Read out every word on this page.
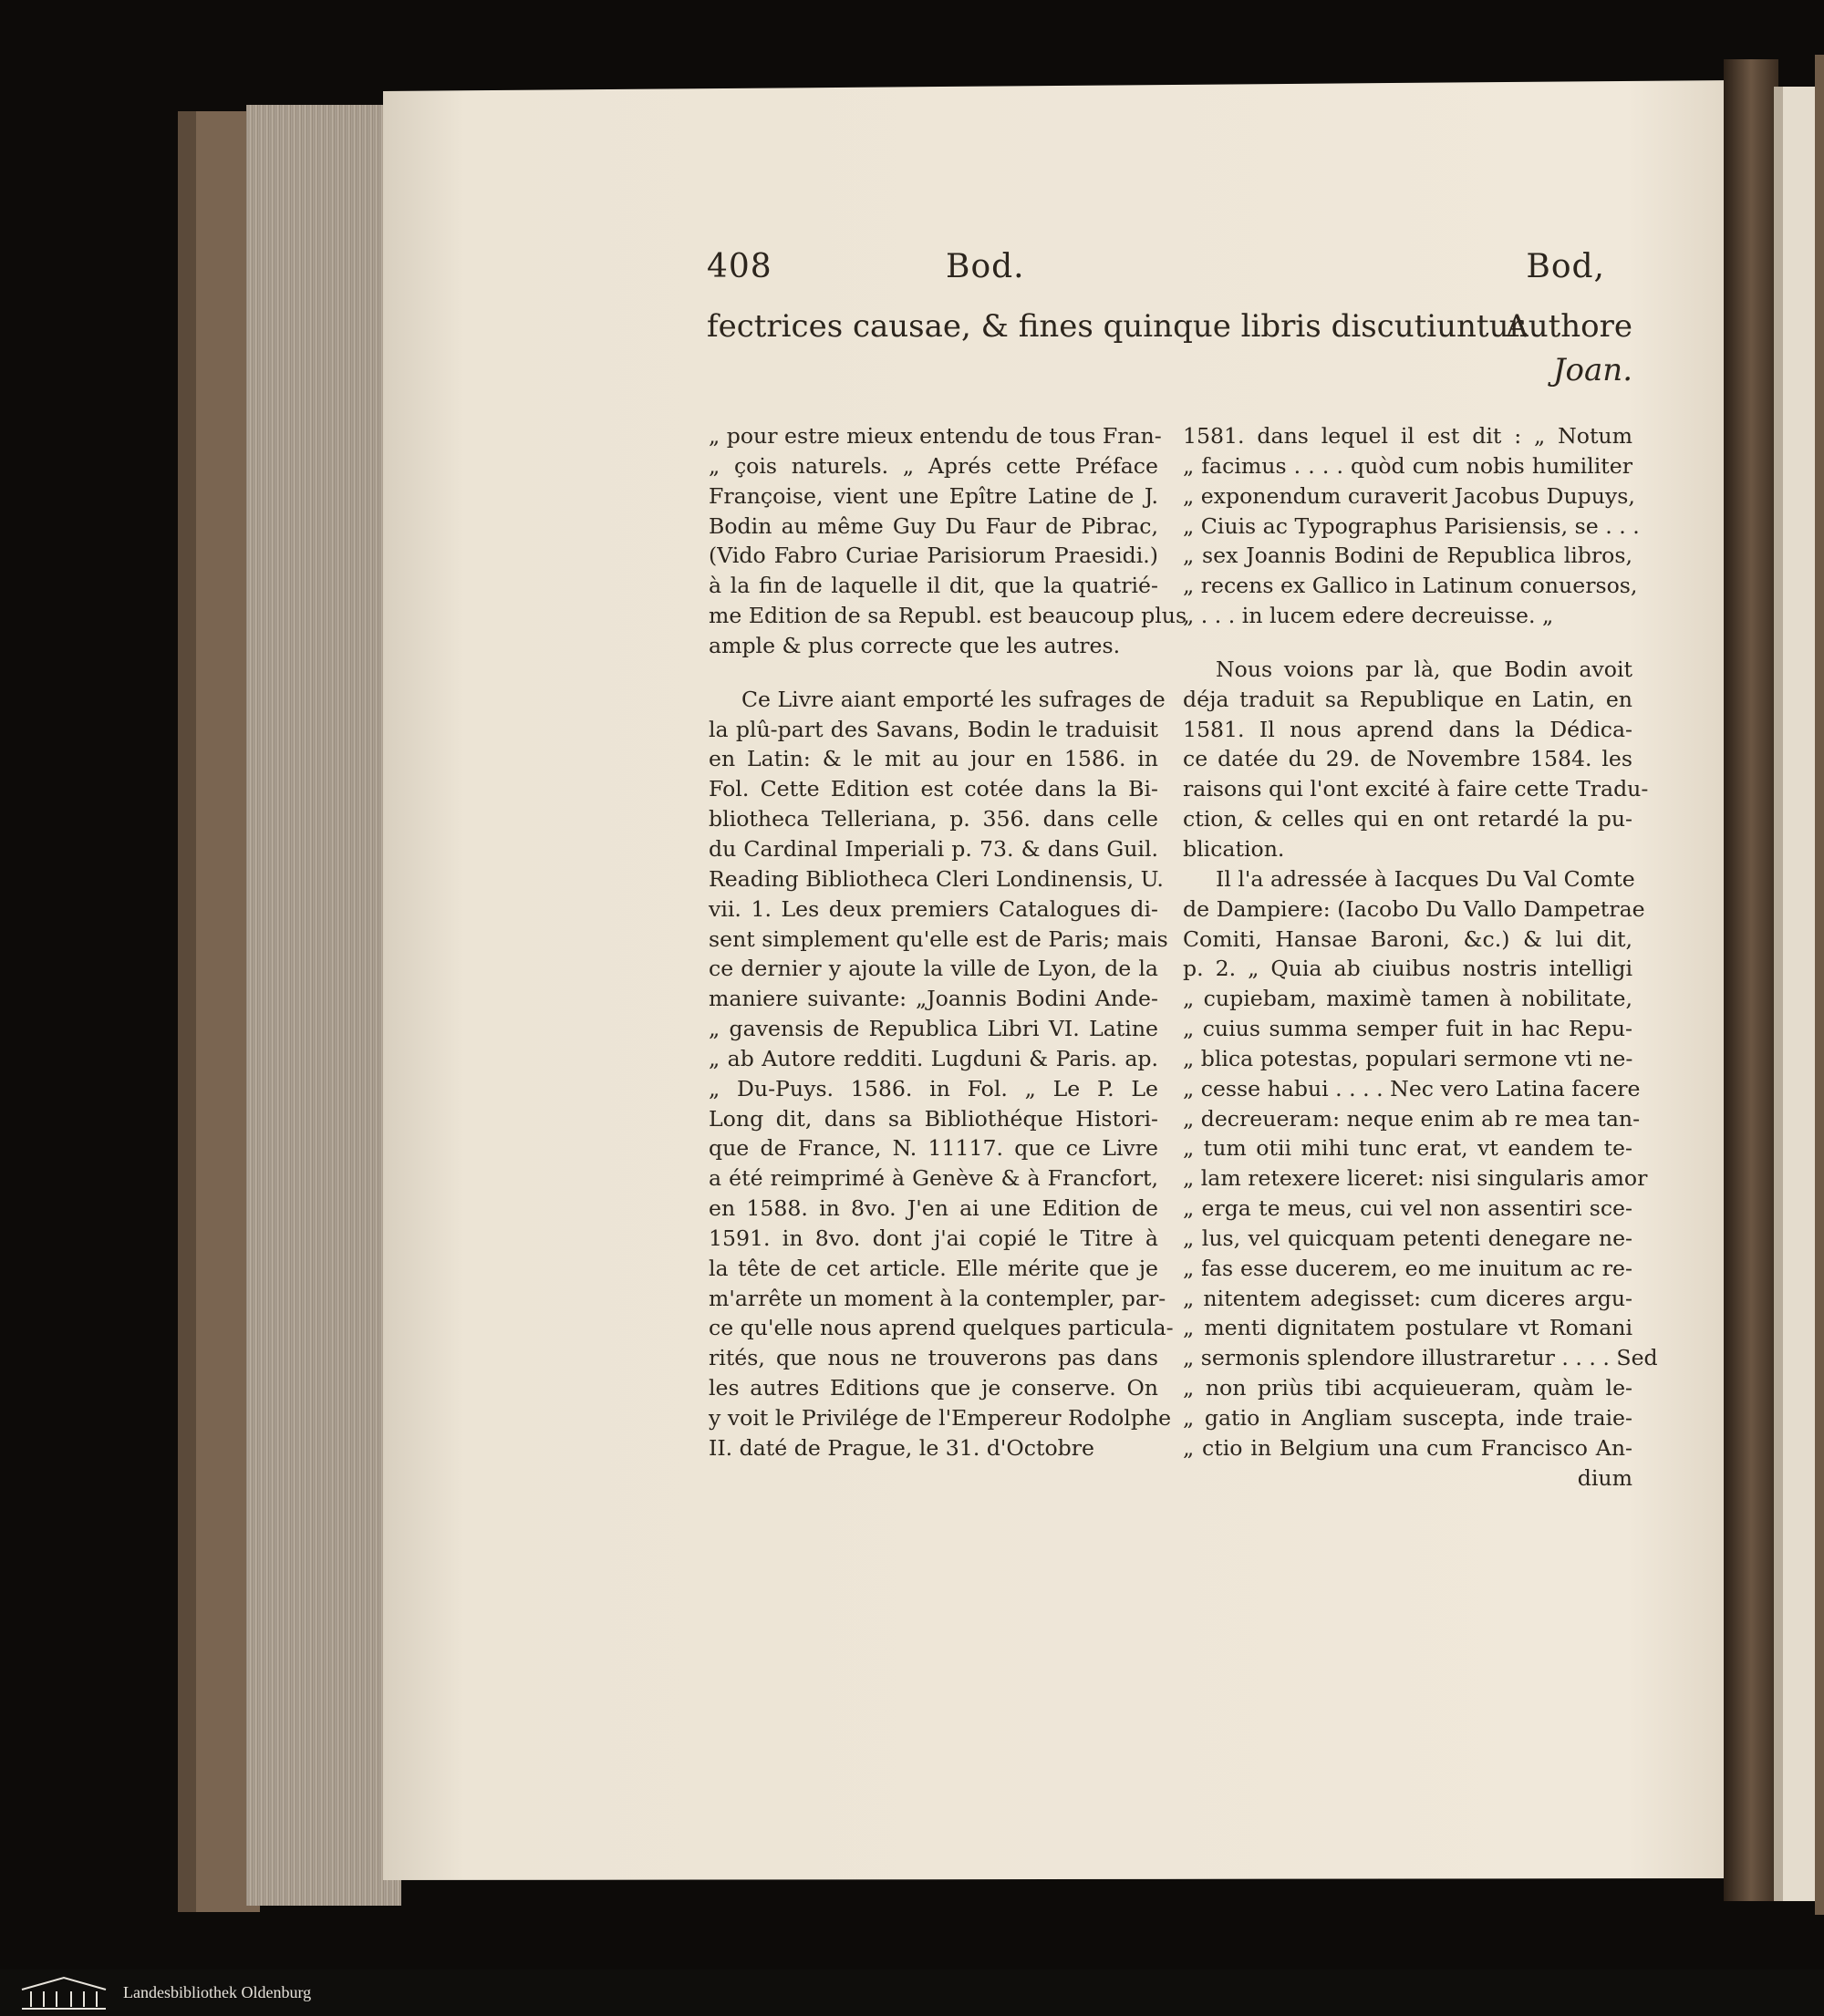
408	Bod.	Bod,
fectrices causae, & fines quinque libris discutiuntur.
Authore
Joan.
„ pour estre mieux entendu de tous Fran-
„ çois naturels. „ Aprés cette Préface
Françoise, vient une Epître Latine de J.
Bodin au même Guy Du Faur de Pibrac,
(Vido Fabro Curiae Parisiorum Praesidi.)
à la fin de laquelle il dit, que la quatrié-
me Edition de sa Republ. est beaucoup plus
ample & plus correcte que les autres.
Ce Livre aiant emporté les sufrages de
la plû-part des Savans, Bodin le traduisit
en Latin: & le mit au jour en 1586. in
Fol. Cette Edition est cotée dans la Bi-
bliotheca Telleriana, p. 356. dans celle
du Cardinal Imperiali p. 73. & dans Guil.
Reading Bibliotheca Cleri Londinensis, U.
vii. 1. Les deux premiers Catalogues di-
sent simplement qu'elle est de Paris; mais
ce dernier y ajoute la ville de Lyon, de la
maniere suivante: „Joannis Bodini Ande-
„ gavensis de Republica Libri VI. Latine
„ ab Autore redditi. Lugduni & Paris. ap.
„ Du-Puys. 1586. in Fol. „ Le P. Le
Long dit, dans sa Bibliothéque Histori-
que de France, N. 11117. que ce Livre
a été reimprimé à Genève & à Francfort,
en 1588. in 8vo. J'en ai une Edition de
1591. in 8vo. dont j'ai copié le Titre à
la tête de cet article. Elle mérite que je
m'arrête un moment à la contempler, par-
ce qu'elle nous aprend quelques particula-
rités, que nous ne trouverons pas dans
les autres Editions que je conserve. On
y voit le Privilége de l'Empereur Rodolphe
II. daté de Prague, le 31. d'Octobre
1581. dans lequel il est dit : „ Notum
„ facimus . . . . quòd cum nobis humiliter
„ exponendum curaverit Jacobus Dupuys,
„ Ciuis ac Typographus Parisiensis, se . . .
„ sex Joannis Bodini de Republica libros,
„ recens ex Gallico in Latinum conuersos,
„ . . . in lucem edere decreuisse. „
Nous voions par là, que Bodin avoit
déja traduit sa Republique en Latin, en
1581. Il nous aprend dans la Dédica-
ce datée du 29. de Novembre 1584. les
raisons qui l'ont excité à faire cette Tradu-
ction, & celles qui en ont retardé la pu-
blication.
Il l'a adressée à Iacques Du Val Comte
de Dampiere: (Iacobo Du Vallo Dampetrae
Comiti, Hansae Baroni, &c.) & lui dit,
p. 2. „ Quia ab ciuibus nostris intelligi
„ cupiebam, maximè tamen à nobilitate,
„ cuius summa semper fuit in hac Repu-
„ blica potestas, populari sermone vti ne-
„ cesse habui . . . . Nec vero Latina facere
„ decreueram: neque enim ab re mea tan-
„ tum otii mihi tunc erat, vt eandem te-
„ lam retexere liceret: nisi singularis amor
„ erga te meus, cui vel non assentiri sce-
„ lus, vel quicquam petenti denegare ne-
„ fas esse ducerem, eo me inuitum ac re-
„ nitentem adegisset: cum diceres argu-
„ menti dignitatem postulare vt Romani
„ sermonis splendore illustraretur . . . . Sed
„ non priùs tibi acquieueram, quàm le-
„ gatio in Angliam suscepta, inde traie-
„ ctio in Belgium una cum Francisco An-
dium
Landesbibliothek Oldenburg
